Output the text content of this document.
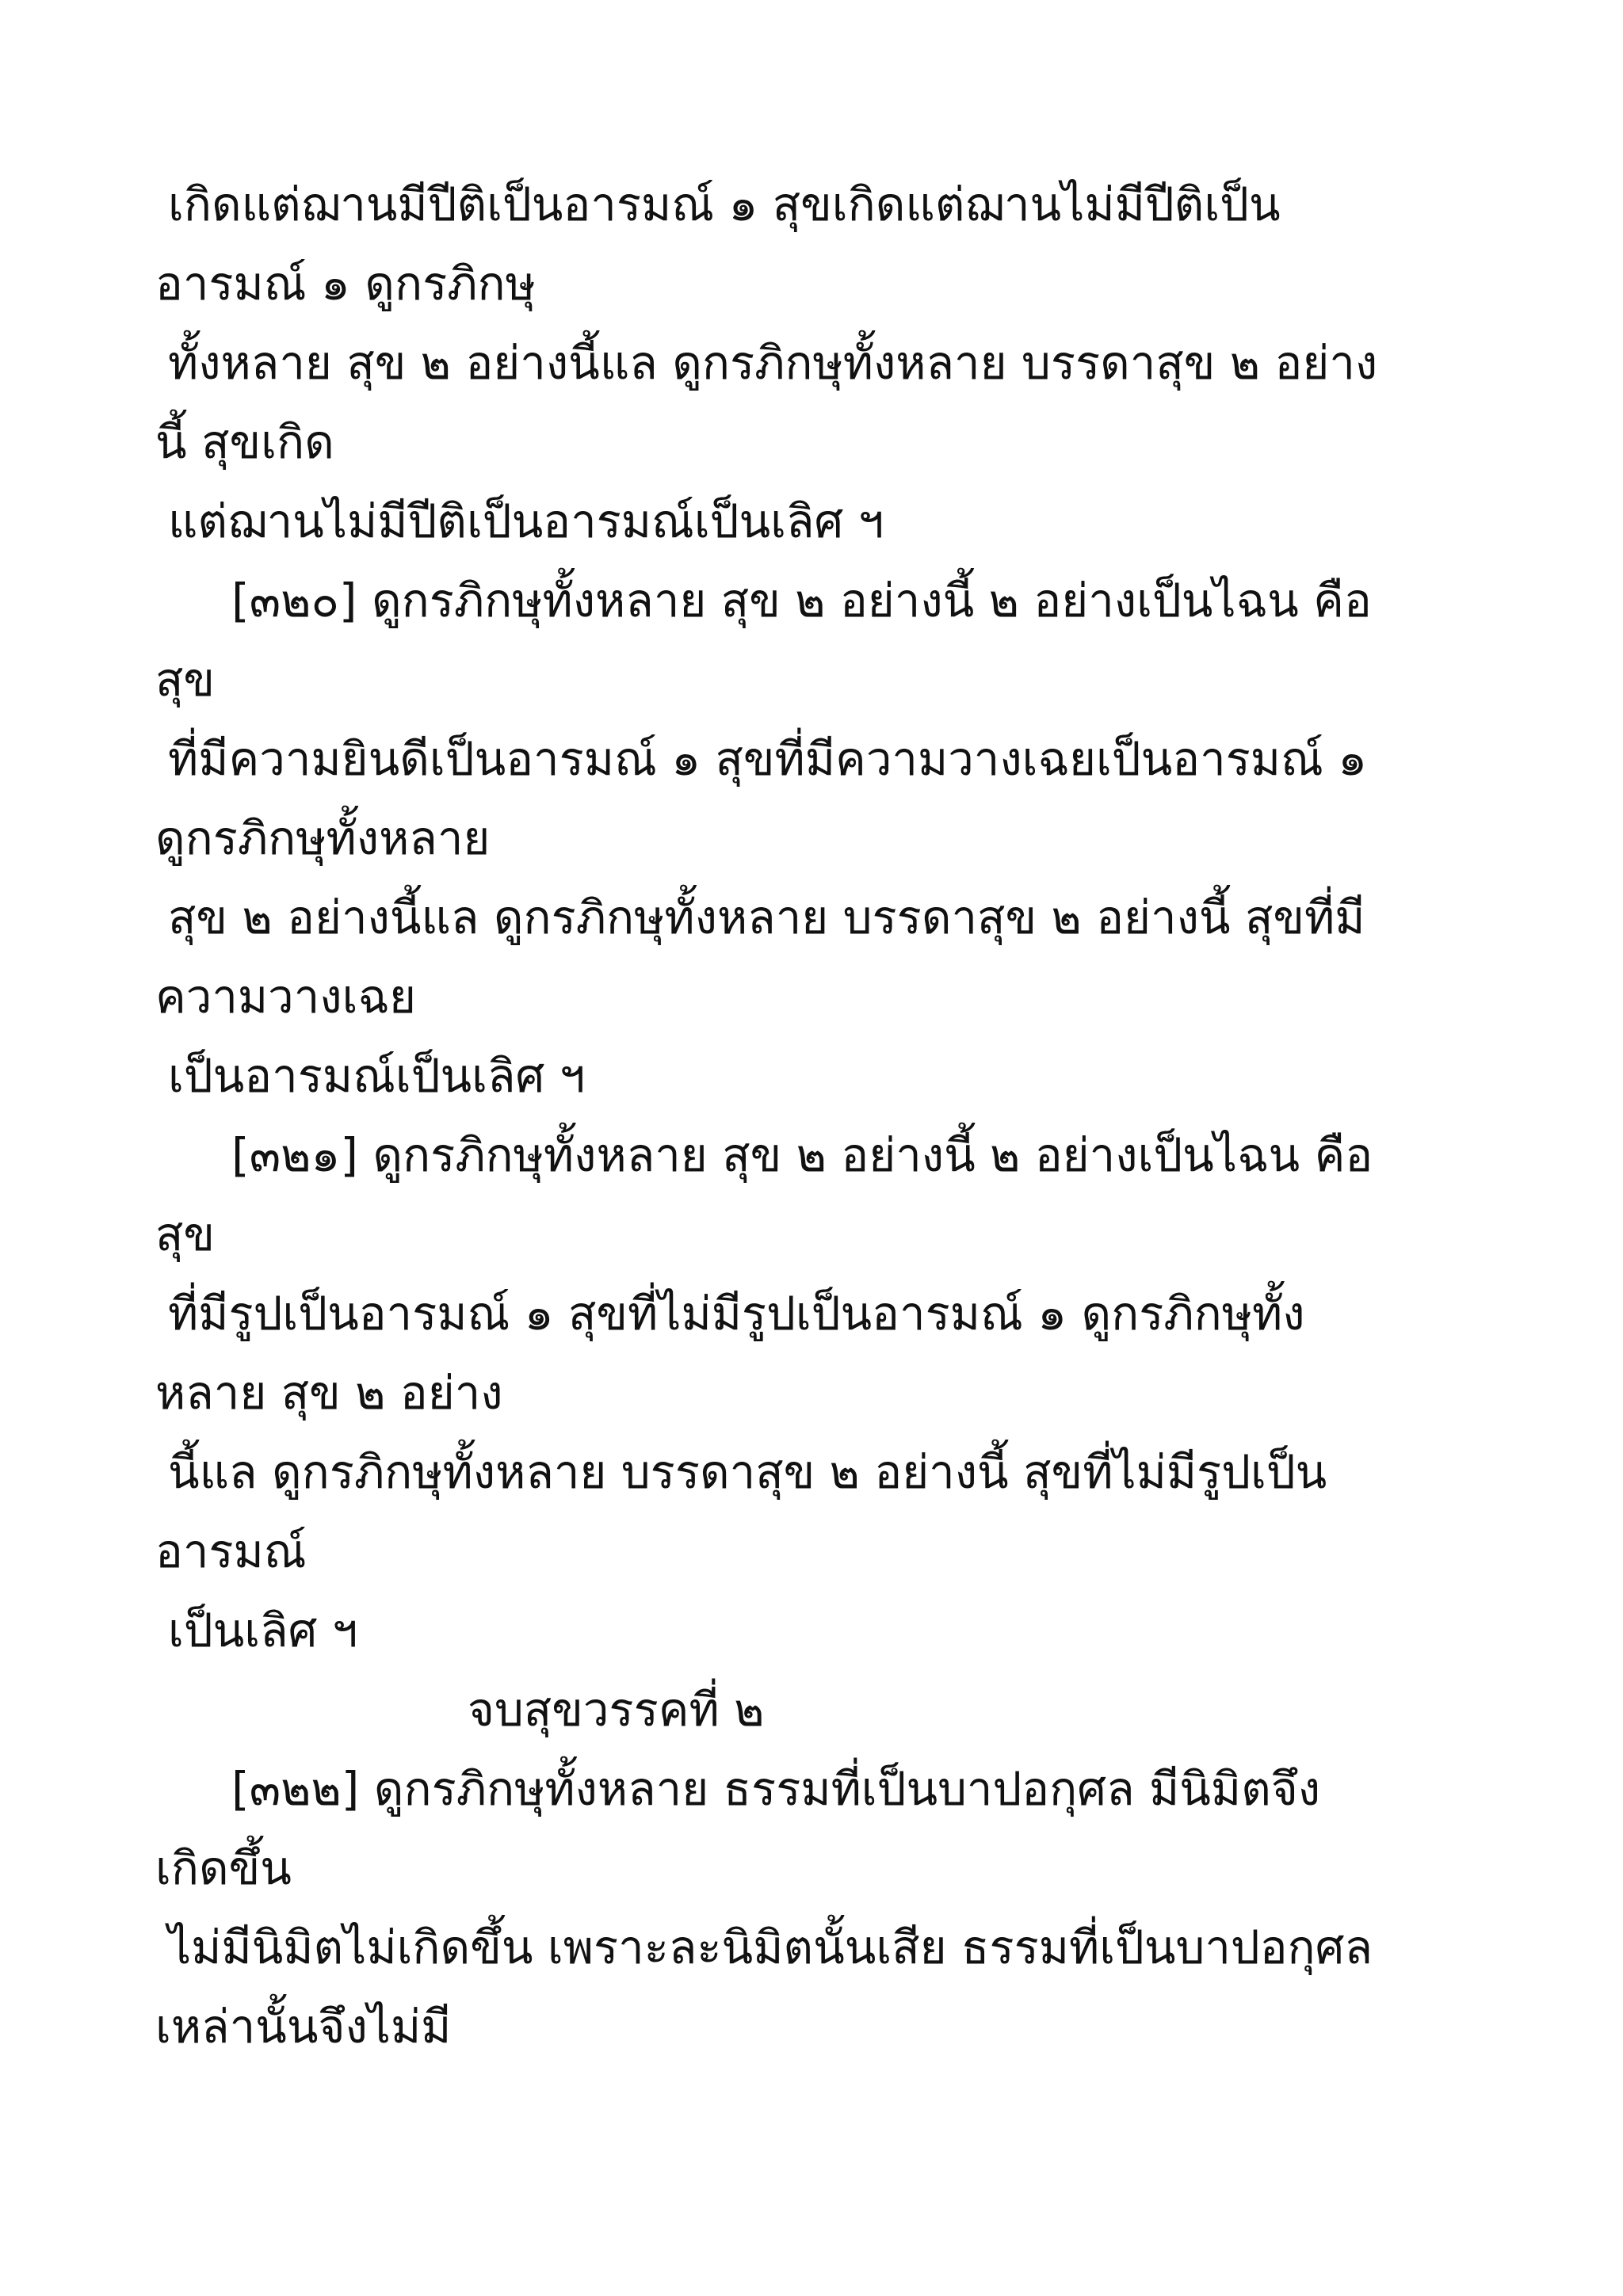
เกิดแต่ฌานมีปีติเป็นอารมณ์ ๑ สุขเกิดแต่ฌานไม่มีปีติเป็น
อารมณ์ ๑ ดูกรภิกษุ
ทั้งหลาย สุข ๒ อย่างนี้แล ดูกรภิกษุทั้งหลาย บรรดาสุข ๒ อย่าง
นี้ สุขเกิด
แต่ฌานไม่มีปีติเป็นอารมณ์เป็นเลิศ ฯ
[๓๒๐] ดูกรภิกษุทั้งหลาย สุข ๒ อย่างนี้ ๒ อย่างเป็นไฉน คือ
สุข
ที่มีความยินดีเป็นอารมณ์ ๑ สุขที่มีความวางเฉยเป็นอารมณ์ ๑
ดูกรภิกษุทั้งหลาย
สุข ๒ อย่างนี้แล ดูกรภิกษุทั้งหลาย บรรดาสุข ๒ อย่างนี้ สุขที่มี
ความวางเฉย
เป็นอารมณ์เป็นเลิศ ฯ
[๓๒๑] ดูกรภิกษุทั้งหลาย สุข ๒ อย่างนี้ ๒ อย่างเป็นไฉน คือ
สุข
ที่มีรูปเป็นอารมณ์ ๑ สุขที่ไม่มีรูปเป็นอารมณ์ ๑ ดูกรภิกษุทั้ง
หลาย สุข ๒ อย่าง
นี้แล ดูกรภิกษุทั้งหลาย บรรดาสุข ๒ อย่างนี้ สุขที่ไม่มีรูปเป็น
อารมณ์
เป็นเลิศ ฯ
จบสุขวรรคที่ ๒
[๓๒๒] ดูกรภิกษุทั้งหลาย ธรรมที่เป็นบาปอกุศล มีนิมิตจึง
เกิดขึ้น
ไม่มีนิมิตไม่เกิดขึ้น เพราะละนิมิตนั้นเสีย ธรรมที่เป็นบาปอกุศล
เหล่านั้นจึงไม่มี
